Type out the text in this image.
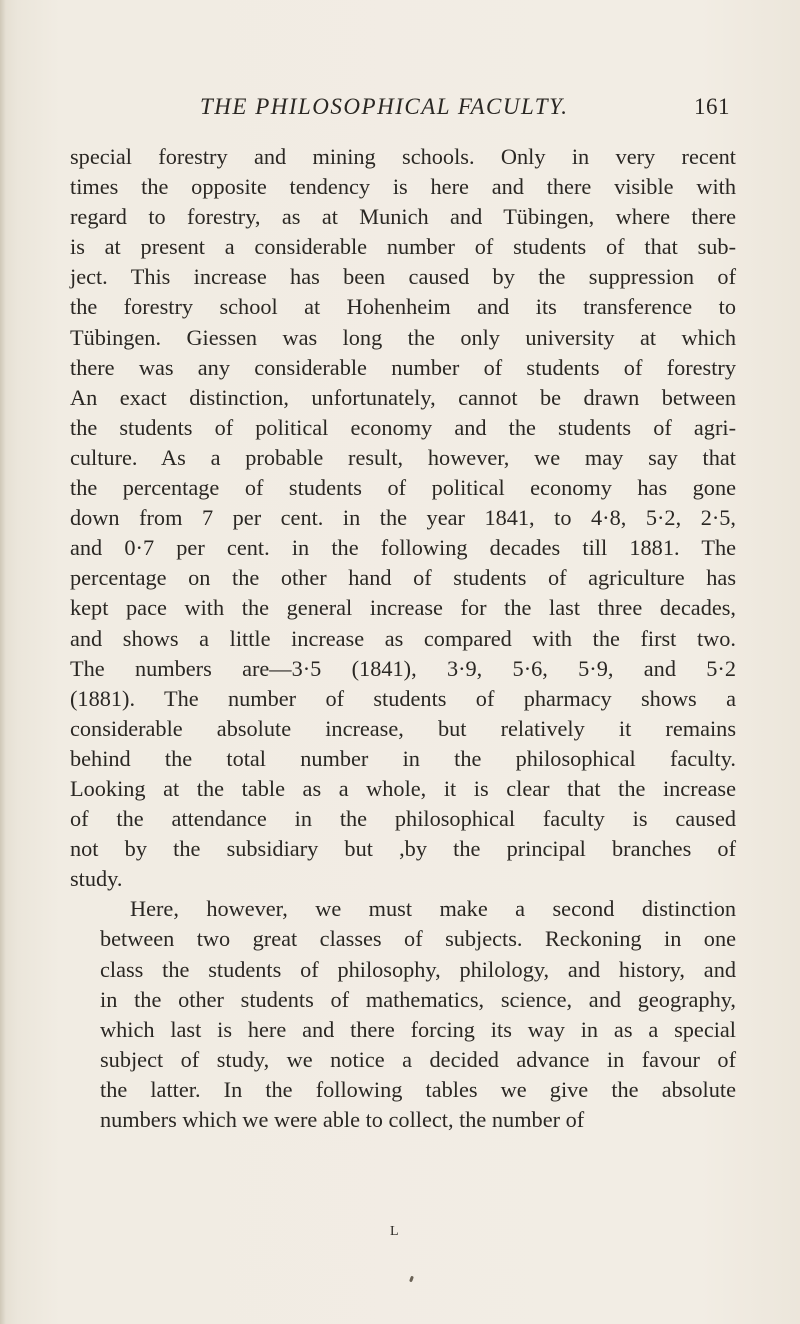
THE PHILOSOPHICAL FACULTY.	161
special forestry and mining schools. Only in very recent
times the opposite tendency is here and there visible with
regard to forestry, as at Munich and Tübingen, where there
is at present a considerable number of students of that sub-
ject. This increase has been caused by the suppression of
the forestry school at Hohenheim and its transference to
Tübingen. Giessen was long the only university at which
there was any considerable number of students of forestry
An exact distinction, unfortunately, cannot be drawn between
the students of political economy and the students of agri-
culture. As a probable result, however, we may say that
the percentage of students of political economy has gone
down from 7 per cent. in the year 1841, to 4·8, 5·2, 2·5,
and 0·7 per cent. in the following decades till 1881. The
percentage on the other hand of students of agriculture has
kept pace with the general increase for the last three decades,
and shows a little increase as compared with the first two.
The numbers are—3·5 (1841), 3·9, 5·6, 5·9, and 5·2
(1881). The number of students of pharmacy shows a
considerable absolute increase, but relatively it remains
behind the total number in the philosophical faculty.
Looking at the table as a whole, it is clear that the increase
of the attendance in the philosophical faculty is caused
not by the subsidiary but ,by the principal branches of
study.
Here, however, we must make a second distinction
between two great classes of subjects. Reckoning in one
class the students of philosophy, philology, and history, and
in the other students of mathematics, science, and geography,
which last is here and there forcing its way in as a special
subject of study, we notice a decided advance in favour of
the latter. In the following tables we give the absolute
numbers which we were able to collect, the number of
L
